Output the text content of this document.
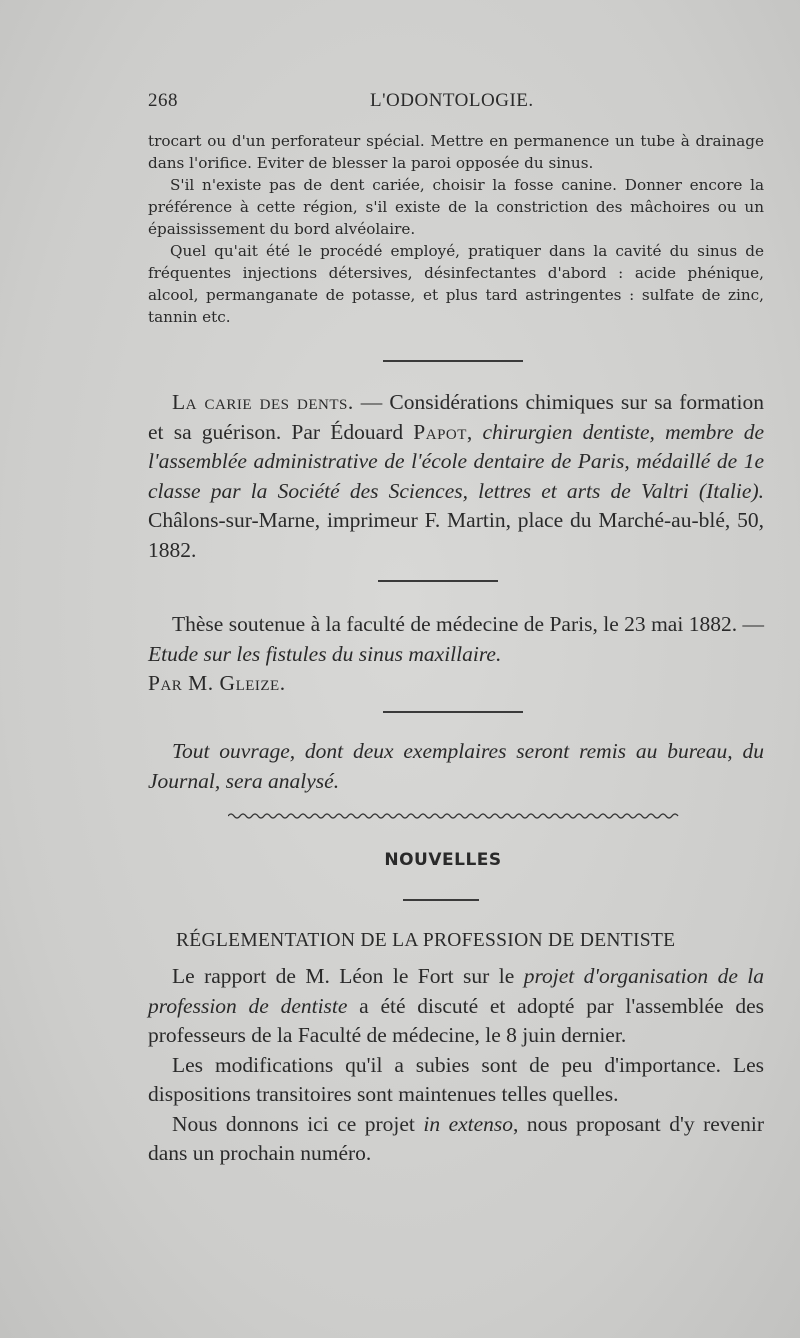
268	L'ODONTOLOGIE.

trocart ou d'un perforateur spécial. Mettre en permanence un tube à drainage dans l'orifice. Eviter de blesser la paroi opposée du sinus.

S'il n'existe pas de dent cariée, choisir la fosse canine. Donner encore la préférence à cette région, s'il existe de la constriction des mâchoires ou un épaississement du bord alvéolaire.

Quel qu'ait été le procédé employé, pratiquer dans la cavité du sinus de fréquentes injections détersives, désinfectantes d'abord : acide phénique, alcool, permanganate de potasse, et plus tard astringentes : sulfate de zinc, tannin etc.

La carie des dents. — Considérations chimiques sur sa formation et sa guérison. Par Édouard Papot, chirurgien dentiste, membre de l'assemblée administrative de l'école dentaire de Paris, médaillé de 1e classe par la Société des Sciences, lettres et arts de Valtri (Italie). Châlons-sur-Marne, imprimeur F. Martin, place du Marché-au-blé, 50, 1882.

Thèse soutenue à la faculté de médecine de Paris, le 23 mai 1882. — Etude sur les fistules du sinus maxillaire.
Par M. Gleize.

Tout ouvrage, dont deux exemplaires seront remis au bureau, du Journal, sera analysé.

NOUVELLES
RÉGLEMENTATION DE LA PROFESSION DE DENTISTE

Le rapport de M. Léon le Fort sur le projet d'organisation de la profession de dentiste a été discuté et adopté par l'assemblée des professeurs de la Faculté de médecine, le 8 juin dernier.

Les modifications qu'il a subies sont de peu d'importance. Les dispositions transitoires sont maintenues telles quelles.

Nous donnons ici ce projet in extenso, nous proposant d'y revenir dans un prochain numéro.
